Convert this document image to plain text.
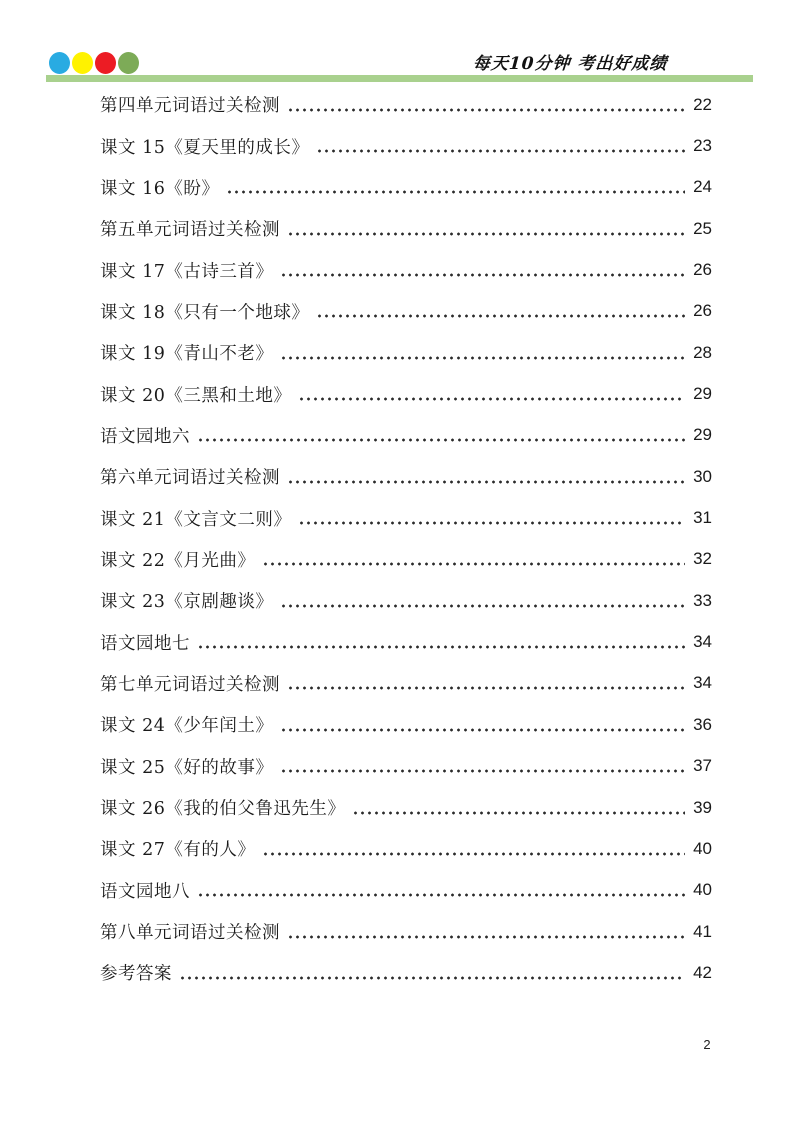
每天10分钟 考出好成绩
第四单元词语过关检测	22
课文 15《夏天里的成长》	23
课文 16《盼》	24
第五单元词语过关检测	25
课文 17《古诗三首》	26
课文 18《只有一个地球》	26
课文 19《青山不老》	28
课文 20《三黑和土地》	29
语文园地六	29
第六单元词语过关检测	30
课文 21《文言文二则》	31
课文 22《月光曲》	32
课文 23《京剧趣谈》	33
语文园地七	34
第七单元词语过关检测	34
课文 24《少年闰土》	36
课文 25《好的故事》	37
课文 26《我的伯父鲁迅先生》	39
课文 27《有的人》	40
语文园地八	40
第八单元词语过关检测	41
参考答案	42
2
